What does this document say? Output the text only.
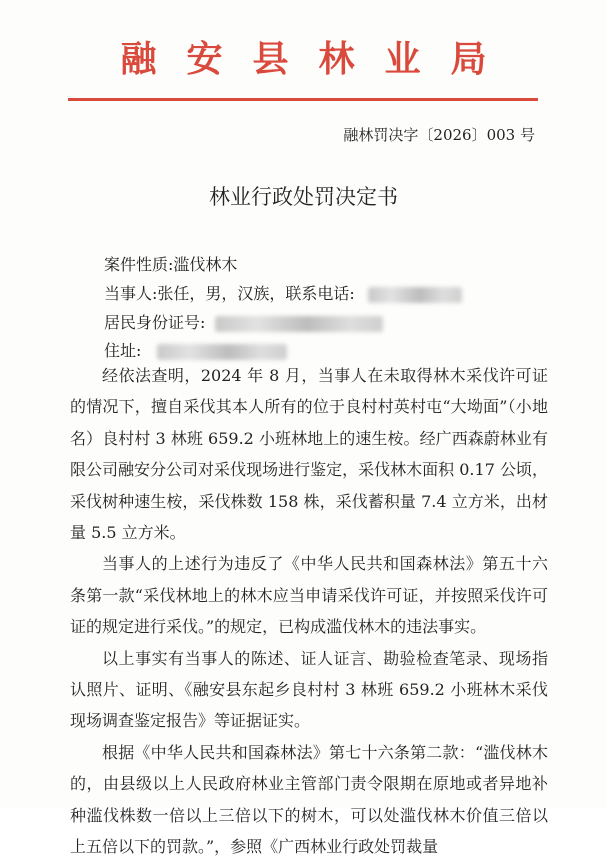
融安县林业局
融林罚决字〔2026〕003 号
林业行政处罚决定书
案件性质:滥伐林木
当事人:张任，男，汉族，联系电话:
居民身份证号:
住址:

经依法查明，2024 年 8 月，当事人在未取得林木采伐许可证的情况下，擅自采伐其本人所有的位于良村村英村屯“大坳面”（小地名）良村村 3 林班 659.2 小班林地上的速生桉。经广西森蔚林业有限公司融安分公司对采伐现场进行鉴定，采伐林木面积 0.17 公顷，采伐树种速生桉，采伐株数 158 株，采伐蓄积量 7.4 立方米，出材量 5.5 立方米。

当事人的上述行为违反了《中华人民共和国森林法》第五十六条第一款“采伐林地上的林木应当申请采伐许可证，并按照采伐许可证的规定进行采伐。”的规定，已构成滥伐林木的违法事实。

以上事实有当事人的陈述、证人证言、勘验检查笔录、现场指认照片、证明、《融安县东起乡良村村 3 林班 659.2 小班林木采伐现场调查鉴定报告》等证据证实。

根据《中华人民共和国森林法》第七十六条第二款：“滥伐林木的，由县级以上人民政府林业主管部门责令限期在原地或者异地补种滥伐株数一倍以上三倍以下的树木，可以处滥伐林木价值三倍以上五倍以下的罚款。”，参照《广西林业行政处罚裁量
